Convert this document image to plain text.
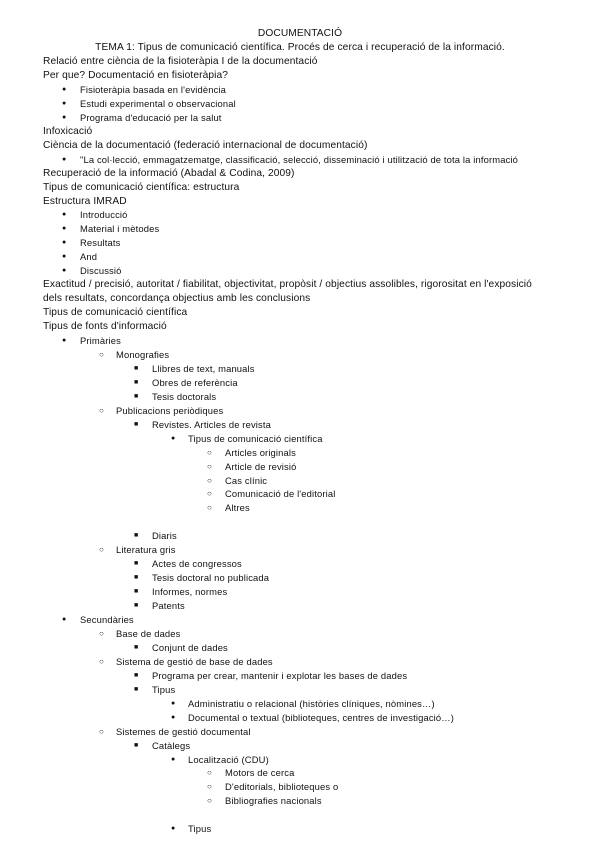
DOCUMENTACIÓ
TEMA 1: Tipus de comunicació científica. Procés de cerca i recuperació de la informació.
Relació entre ciència de la fisioteràpia I de la documentació
Per que? Documentació en fisioteràpia?
● Fisioteràpia basada en l'evidència
● Estudi experimental o observacional
● Programa d'educació per la salut
Infoxicació
Ciència de la documentació (federació internacional de documentació)
● "La col·lecció, emmagatzematge, classificació, selecció, disseminació i utilització de tota la informació
Recuperació de la informació (Abadal & Codina, 2009)
Tipus de comunicació científica: estructura
Estructura IMRAD
● Introducció
● Material i mètodes
● Resultats
● And
● Discussió
Exactitud / precisió, autoritat / fiabilitat, objectivitat, propòsit / objectius assolibles, rigorositat en l'exposició
dels resultats, concordança objectius amb les conclusions
Tipus de comunicació científica
Tipus de fonts d'informació
● Primàries
○ Monografies
■ Llibres de text, manuals
■ Obres de referència
■ Tesis doctorals
○ Publicacions periòdiques
■ Revistes. Articles de revista
● Tipus de comunicació científica
○ Articles originals
○ Article de revisió
○ Cas clínic
○ Comunicació de l'editorial
○ Altres
■ Diaris
○ Literatura gris
■ Actes de congressos
■ Tesis doctoral no publicada
■ Informes, normes
■ Patents
● Secundàries
○ Base de dades
■ Conjunt de dades
○ Sistema de gestió de base de dades
■ Programa per crear, mantenir i explotar les bases de dades
■ Tipus
● Administratiu o relacional (històries clíniques, nòmines…)
● Documental o textual (biblioteques, centres de investigació…)
○ Sistemes de gestió documental
■ Catàlegs
● Localització (CDU)
○ Motors de cerca
○ D'editorials, biblioteques o
○ Bibliografies nacionals
● Tipus
